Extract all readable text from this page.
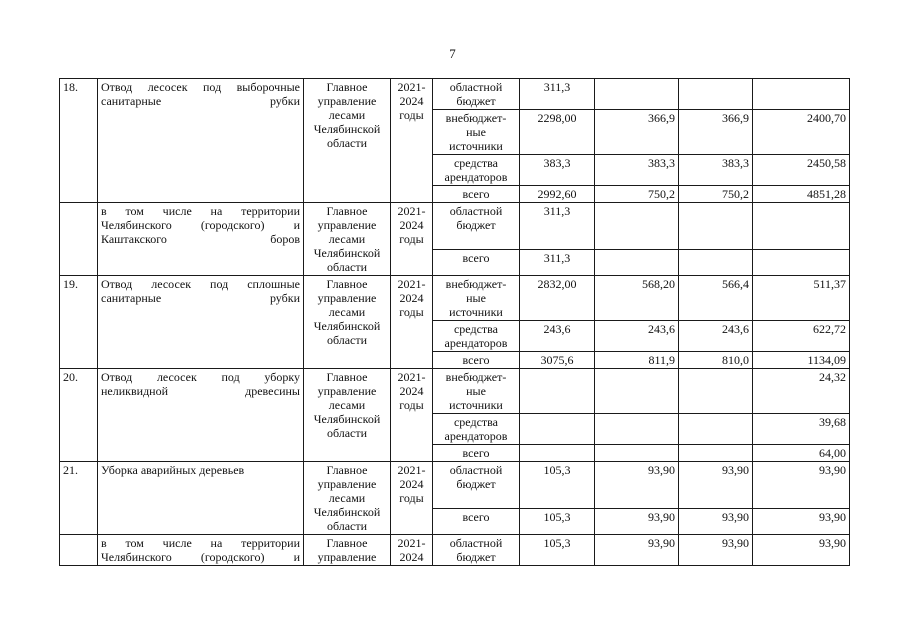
7
18.	Отвод лесосек под выборочные санитарные рубки	Главное
управление
лесами
Челябинской
области	2021-
2024
годы	областной
бюджет	311,3			
				внебюджет-
ные
источники	2298,00	366,9	366,9	2400,70
				средства
арендаторов	383,3	383,3	383,3	2450,58
				всего	2992,60	750,2	750,2	4851,28
	в том числе на территории Челябинского (городского) и Каштакского боров	Главное
управление
лесами
Челябинской
области	2021-
2024
годы	областной
бюджет	311,3			
				всего	311,3			
19.	Отвод лесосек под сплошные санитарные рубки	Главное
управление
лесами
Челябинской
области	2021-
2024
годы	внебюджет-
ные
источники	2832,00	568,20	566,4	511,37
				средства
арендаторов	243,6	243,6	243,6	622,72
				всего	3075,6	811,9	810,0	1134,09
20.	Отвод лесосек под уборку неликвидной древесины	Главное
управление
лесами
Челябинской
области	2021-
2024
годы	внебюджет-
ные
источники				24,32
				средства
арендаторов				39,68
				всего				64,00
21.	Уборка аварийных деревьев	Главное
управление
лесами
Челябинской
области	2021-
2024
годы	областной
бюджет	105,3	93,90	93,90	93,90
				всего	105,3	93,90	93,90	93,90
	в том числе на территории Челябинского (городского) и	Главное
управление	2021-
2024	областной
бюджет	105,3	93,90	93,90	93,90
